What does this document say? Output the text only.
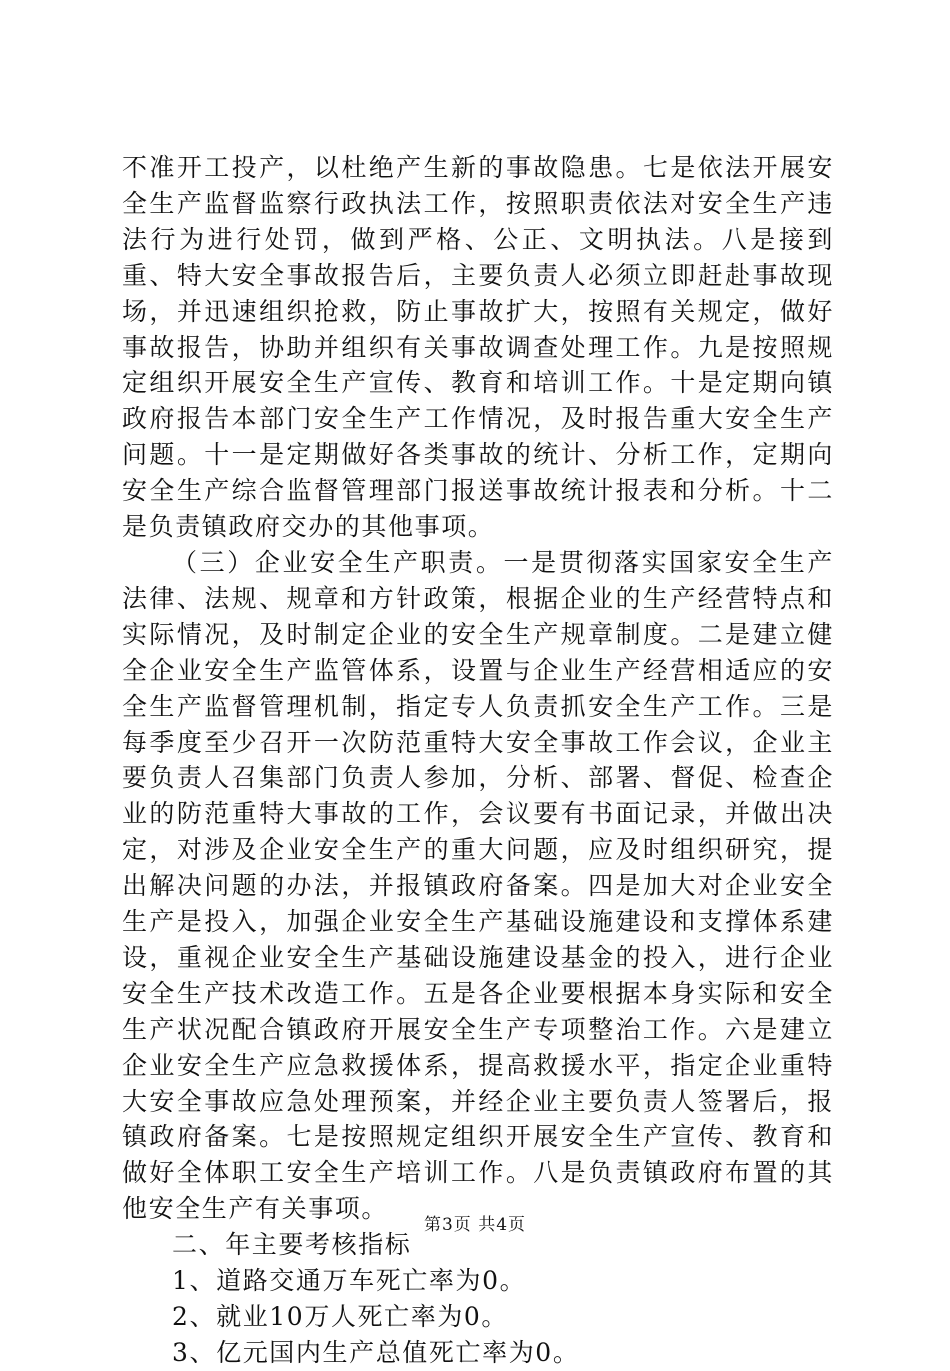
不准开工投产，以杜绝产生新的事故隐患。七是依法开展安全生产监督监察行政执法工作，按照职责依法对安全生产违法行为进行处罚，做到严格、公正、文明执法。八是接到重、特大安全事故报告后，主要负责人必须立即赶赴事故现场，并迅速组织抢救，防止事故扩大，按照有关规定，做好事故报告，协助并组织有关事故调查处理工作。九是按照规定组织开展安全生产宣传、教育和培训工作。十是定期向镇政府报告本部门安全生产工作情况，及时报告重大安全生产问题。十一是定期做好各类事故的统计、分析工作，定期向安全生产综合监督管理部门报送事故统计报表和分析。十二是负责镇政府交办的其他事项。

（三）企业安全生产职责。一是贯彻落实国家安全生产法律、法规、规章和方针政策，根据企业的生产经营特点和实际情况，及时制定企业的安全生产规章制度。二是建立健全企业安全生产监管体系，设置与企业生产经营相适应的安全生产监督管理机制，指定专人负责抓安全生产工作。三是每季度至少召开一次防范重特大安全事故工作会议，企业主要负责人召集部门负责人参加，分析、部署、督促、检查企业的防范重特大事故的工作，会议要有书面记录，并做出决定，对涉及企业安全生产的重大问题，应及时组织研究，提出解决问题的办法，并报镇政府备案。四是加大对企业安全生产是投入，加强企业安全生产基础设施建设和支撑体系建设，重视企业安全生产基础设施建设基金的投入，进行企业安全生产技术改造工作。五是各企业要根据本身实际和安全生产状况配合镇政府开展安全生产专项整治工作。六是建立企业安全生产应急救援体系，提高救援水平，指定企业重特大安全事故应急处理预案，并经企业主要负责人签署后，报镇政府备案。七是按照规定组织开展安全生产宣传、教育和做好全体职工安全生产培训工作。八是负责镇政府布置的其他安全生产有关事项。

二、年主要考核指标

1、道路交通万车死亡率为0。

2、就业10万人死亡率为0。

3、亿元国内生产总值死亡率为0。

第3页 共4页
